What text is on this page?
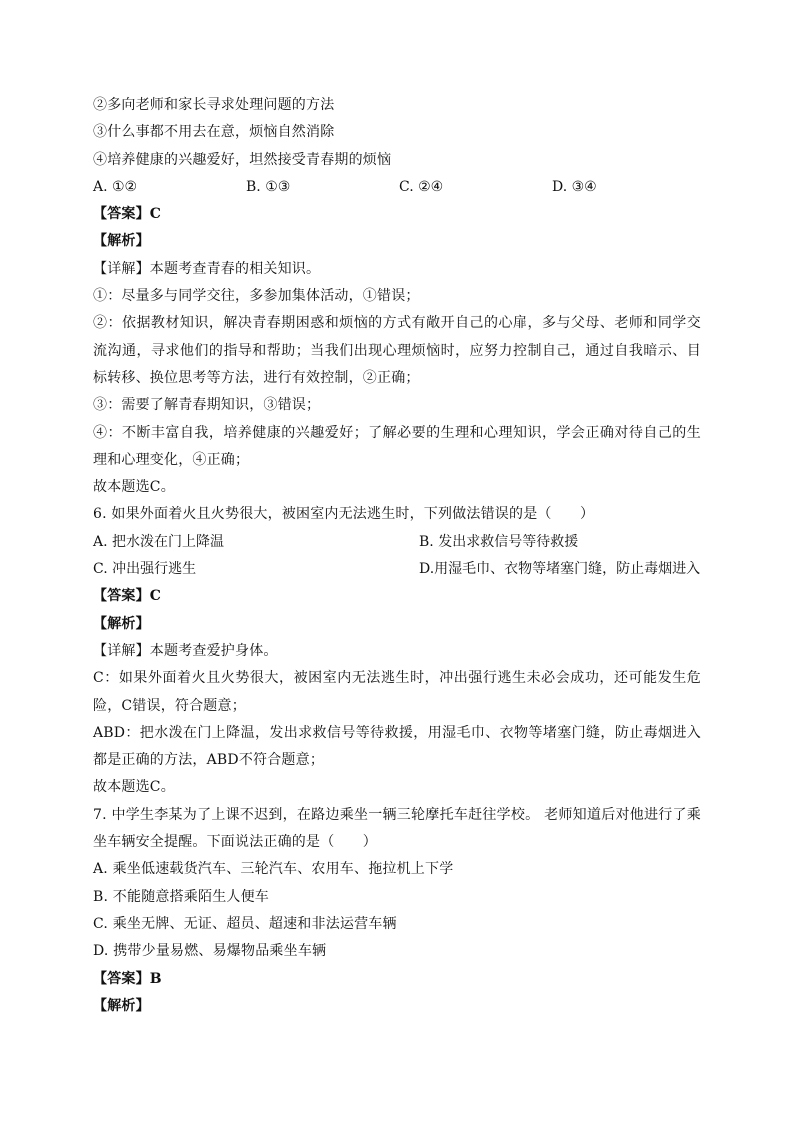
②多向老师和家长寻求处理问题的方法
③什么事都不用去在意，烦恼自然消除
④培养健康的兴趣爱好，坦然接受青春期的烦恼
A. ①②	B. ①③	C. ②④	D. ③④
【答案】C
【解析】
【详解】本题考查青春的相关知识。
①：尽量多与同学交往，多参加集体活动，①错误；
②：依据教材知识，解决青春期困惑和烦恼的方式有敞开自己的心扉，多与父母、老师和同学交流沟通，寻求他们的指导和帮助；当我们出现心理烦恼时，应努力控制自己，通过自我暗示、目标转移、换位思考等方法，进行有效控制，②正确；
③：需要了解青春期知识，③错误；
④：不断丰富自我，培养健康的兴趣爱好；了解必要的生理和心理知识，学会正确对待自己的生理和心理变化，④正确；
故本题选C。
6. 如果外面着火且火势很大，被困室内无法逃生时，下列做法错误的是（　　）
A. 把水泼在门上降温	B. 发出求救信号等待救援
C. 冲出强行逃生	D.用湿毛巾、衣物等堵塞门缝，防止毒烟进入
【答案】C
【解析】
【详解】本题考查爱护身体。
C：如果外面着火且火势很大，被困室内无法逃生时，冲出强行逃生未必会成功，还可能发生危险，C错误，符合题意；
ABD：把水泼在门上降温，发出求救信号等待救援，用湿毛巾、衣物等堵塞门缝，防止毒烟进入都是正确的方法，ABD不符合题意；
故本题选C。
7. 中学生李某为了上课不迟到，在路边乘坐一辆三轮摩托车赶往学校。 老师知道后对他进行了乘坐车辆安全提醒。下面说法正确的是（　　）
A. 乘坐低速载货汽车、三轮汽车、农用车、拖拉机上下学
B. 不能随意搭乘陌生人便车
C. 乘坐无牌、无证、超员、超速和非法运营车辆
D. 携带少量易燃、易爆物品乘坐车辆
【答案】B
【解析】
